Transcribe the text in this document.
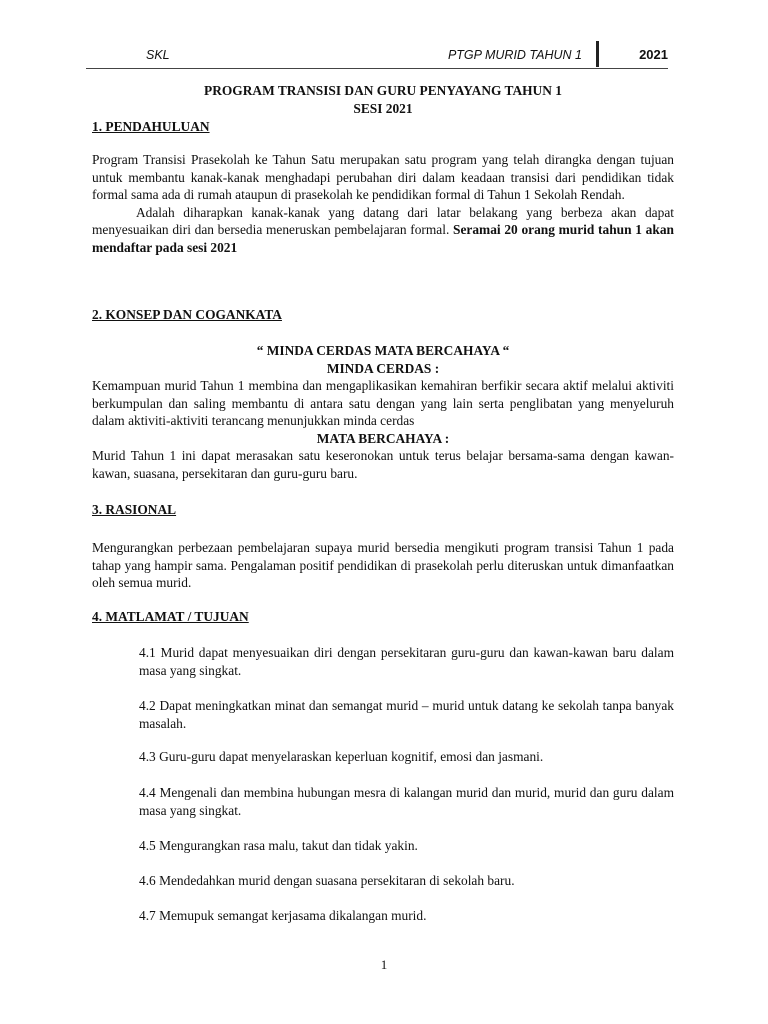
SKL	PTGP MURID TAHUN 1	2021
PROGRAM TRANSISI DAN GURU PENYAYANG TAHUN 1
SESI 2021
1. PENDAHULUAN

Program Transisi Prasekolah ke Tahun Satu merupakan satu program yang telah dirangka dengan tujuan untuk membantu kanak-kanak menghadapi perubahan diri dalam keadaan transisi dari pendidikan tidak formal sama ada di rumah ataupun di prasekolah ke pendidikan formal di Tahun 1 Sekolah Rendah.

Adalah diharapkan kanak-kanak yang datang dari latar belakang yang berbeza akan dapat menyesuaikan diri dan bersedia meneruskan pembelajaran formal. Seramai 20 orang murid tahun 1 akan mendaftar pada sesi 2021

2. KONSEP DAN COGANKATA
“ MINDA CERDAS MATA BERCAHAYA “
MINDA CERDAS :

Kemampuan murid Tahun 1 membina dan mengaplikasikan kemahiran berfikir secara aktif melalui aktiviti berkumpulan dan saling membantu di antara satu dengan yang lain serta penglibatan yang menyeluruh dalam aktiviti-aktiviti terancang menunjukkan minda cerdas

MATA BERCAHAYA :

Murid Tahun 1 ini dapat merasakan satu keseronokan untuk terus belajar bersama-sama dengan kawan-kawan, suasana, persekitaran dan guru-guru baru.

3. RASIONAL

Mengurangkan perbezaan pembelajaran supaya murid bersedia mengikuti program transisi Tahun 1 pada tahap yang hampir sama. Pengalaman positif pendidikan di prasekolah perlu diteruskan untuk dimanfaatkan oleh semua murid.

4. MATLAMAT / TUJUAN
4.1 Murid dapat menyesuaikan diri dengan persekitaran guru-guru dan kawan-kawan baru dalam masa yang singkat.
4.2 Dapat meningkatkan minat dan semangat murid – murid untuk datang ke sekolah tanpa banyak masalah.
4.3 Guru-guru dapat menyelaraskan keperluan kognitif, emosi dan jasmani.
4.4 Mengenali dan membina hubungan mesra di kalangan murid dan murid, murid dan guru dalam masa yang singkat.
4.5 Mengurangkan rasa malu, takut dan tidak yakin.
4.6 Mendedahkan murid dengan suasana persekitaran di sekolah baru.
4.7 Memupuk semangat kerjasama dikalangan murid.
1
